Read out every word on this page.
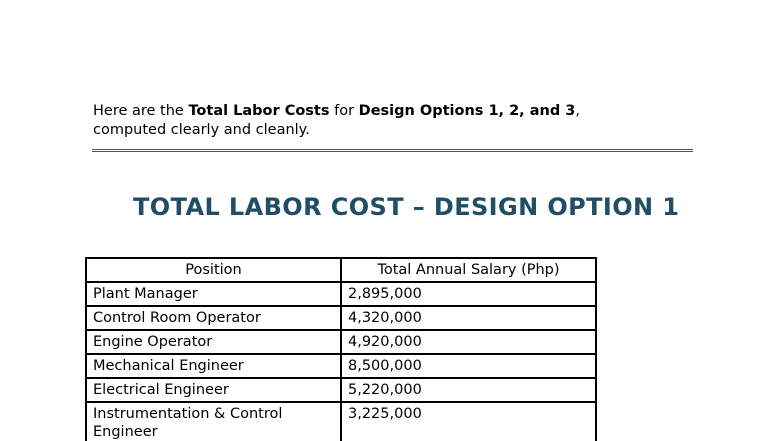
Here are the Total Labor Costs for Design Options 1, 2, and 3,
computed clearly and cleanly.

TOTAL LABOR COST – DESIGN OPTION 1
Position	Total Annual Salary (Php)
Plant Manager	2,895,000
Control Room Operator	4,320,000
Engine Operator	4,920,000
Mechanical Engineer	8,500,000
Electrical Engineer	5,220,000
Instrumentation & Control Engineer	3,225,000
